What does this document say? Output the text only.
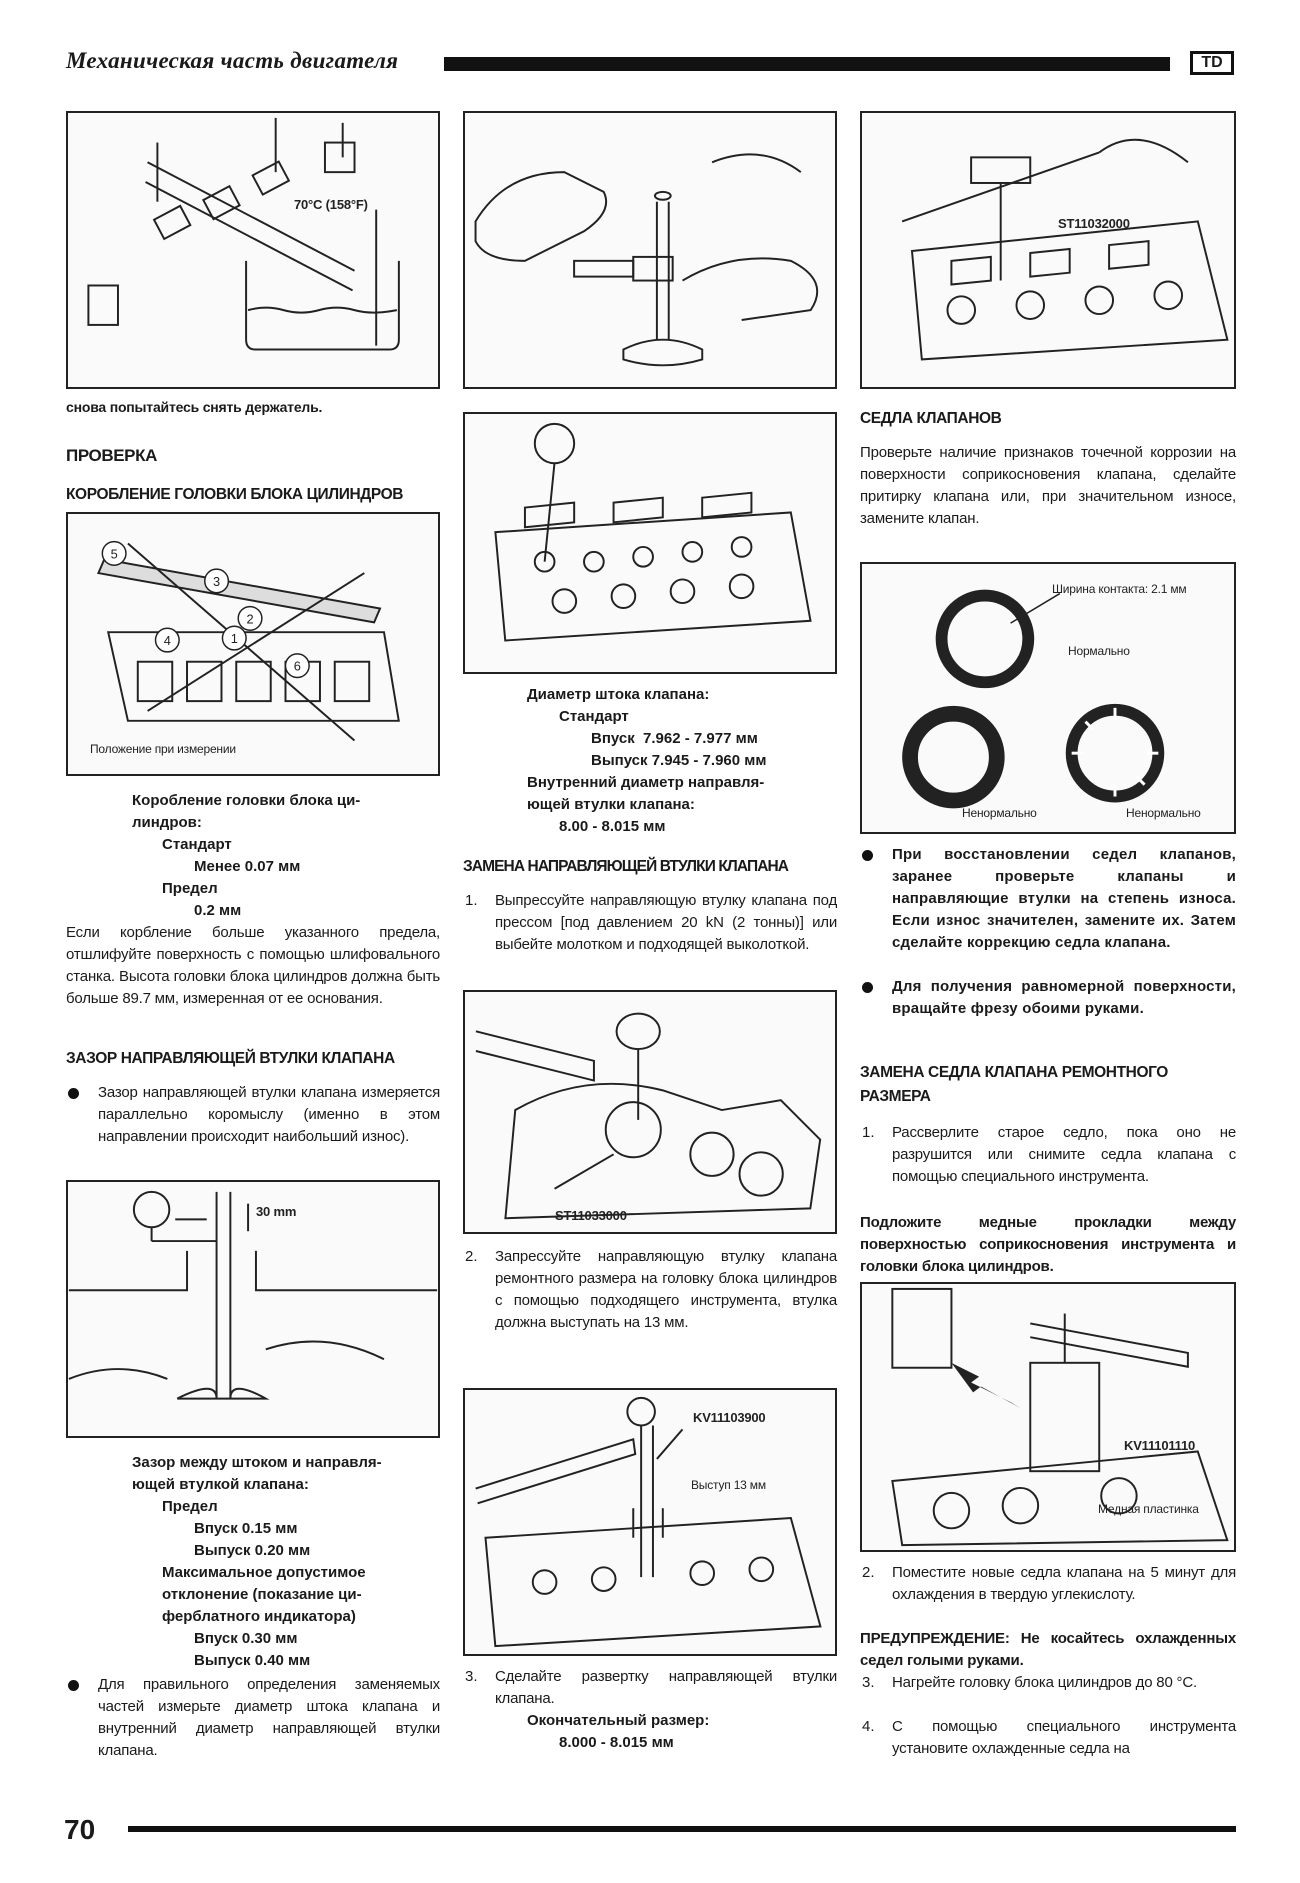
Механическая часть двигателя	TD
70°C (158°F)
снова попытайтесь снять держатель.
ПРОВЕРКА
КОРОБЛЕНИЕ ГОЛОВКИ БЛОКА ЦИЛИНДРОВ
5
3
2
4	1
6
Положение при измерении
Коробление головки блока ци-
линдров:
Стандарт
Менее 0.07 мм
Предел
0.2 мм
Если корбление больше указанного предела, отшлифуйте поверхность с помощью шлифовального станка. Высота головки блока цилиндров должна быть больше 89.7 мм, измеренная от ее основания.
ЗАЗОР НАПРАВЛЯЮЩЕЙ ВТУЛКИ КЛАПАНА
Зазор направляющей втулки клапана измеряется параллельно коромыслу (именно в этом направлении происходит наибольший износ).
30 mm
Зазор между штоком и направля-
ющей втулкой клапана:
Предел
Впуск 0.15 мм
Выпуск 0.20 мм
Максимальное допустимое
отклонение (показание ци-
ферблатного индикатора)
Впуск 0.30 мм
Выпуск 0.40 мм
Для правильного определения заменяемых частей измерьте диаметр штока клапана и внутренний диаметр направляющей втулки клапана.
Диаметр штока клапана:
Стандарт
Впуск  7.962 - 7.977 мм
Выпуск 7.945 - 7.960 мм
Внутренний диаметр направля-
ющей втулки клапана:
8.00 - 8.015 мм
ЗАМЕНА НАПРАВЛЯЮЩЕЙ ВТУЛКИ КЛАПАНА
1. Выпрессуйте направляющую втулку клапана под прессом [под давлением 20 kN (2 тонны)] или выбейте молотком и подходящей выколоткой.
ST11033000
2. Запрессуйте направляющую втулку клапана ремонтного размера на головку блока цилиндров с помощью подходящего инструмента, втулка должна выступать на 13 мм.
KV11103900
Выступ 13 мм
3. Сделайте развертку направляющей втулки клапана.
Окончательный размер:
8.000 - 8.015 мм
ST11032000
СЕДЛА КЛАПАНОВ
Проверьте наличие признаков точечной коррозии на поверхности соприкосновения клапана, сделайте притирку клапана или, при значительном износе, замените клапан.
Ширина контакта: 2.1 мм
Нормально
Ненормально	Ненормально
При восстановлении седел клапанов, заранее проверьте клапаны и направляющие втулки на степень износа. Если износ значителен, замените их. Затем сделайте коррекцию седла клапана.
Для получения равномерной поверхности, вращайте фрезу обоими руками.
ЗАМЕНА СЕДЛА КЛАПАНА РЕМОНТНОГО
РАЗМЕРА
1. Рассверлите старое седло, пока оно не разрушится или снимите седла клапана с помощью специального инструмента.
Подложите медные прокладки между поверхностью соприкосновения инструмента и головки блока цилиндров.
KV11101110
Медная пластинка
2. Поместите новые седла клапана на 5 минут для охлаждения в твердую углекислоту.
ПРЕДУПРЕЖДЕНИЕ: Не косайтесь охлажденных седел голыми руками.
3. Нагрейте головку блока цилиндров до 80 °С.
4. С помощью специального инструмента установите охлажденные седла на
70
